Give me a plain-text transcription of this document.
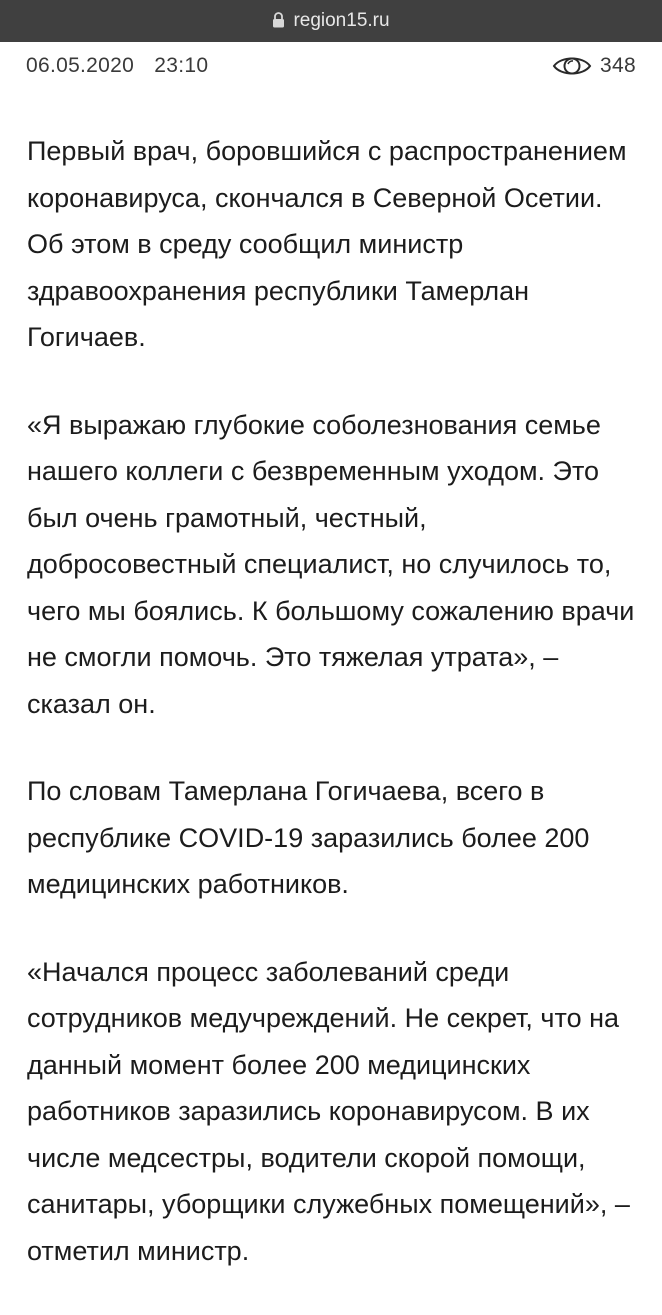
region15.ru
06.05.2020 23:10	348

Первый врач, боровшийся с распространением коронавируса, скончался в Северной Осетии. Об этом в среду сообщил министр здравоохранения республики Тамерлан Гогичаев.

«Я выражаю глубокие соболезнования семье нашего коллеги с безвременным уходом. Это был очень грамотный, честный, добросовестный специалист, но случилось то, чего мы боялись. К большому сожалению врачи не смогли помочь. Это тяжелая утрата», – сказал он.

По словам Тамерлана Гогичаева, всего в республике COVID-19 заразились более 200 медицинских работников.

«Начался процесс заболеваний среди сотрудников медучреждений. Не секрет, что на данный момент более 200 медицинских работников заразились коронавирусом. В их числе медсестры, водители скорой помощи, санитары, уборщики служебных помещений», – отметил министр.
